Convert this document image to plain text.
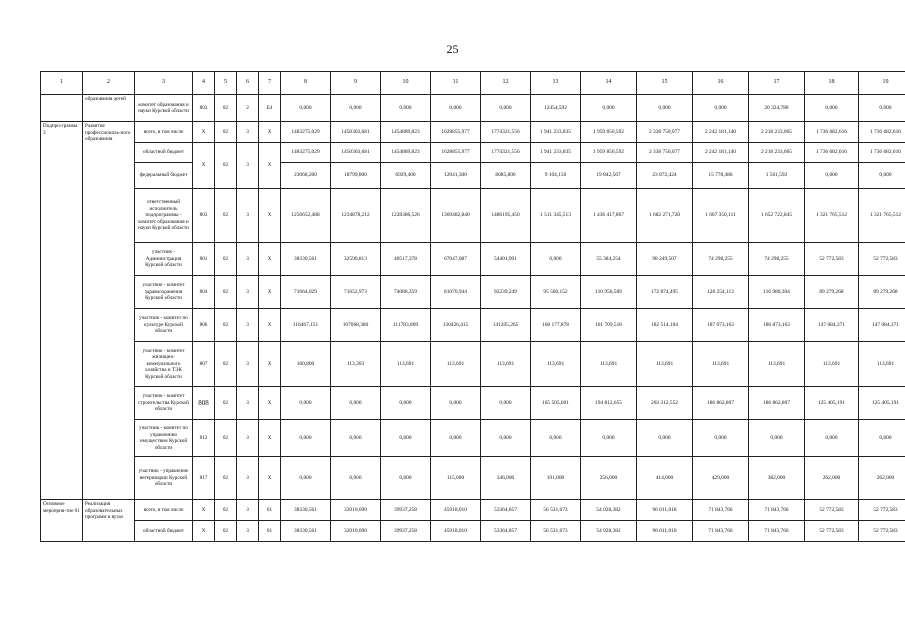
25
1	2	3	4	5	6	7	8	9	10	11	12	13	14	15	16	17	18	19
	образования детей	комитет образования и науки Курской области	803	02	2	Е4	0,000	0,000	0,000	0,000	0,000	12454,592	0,000	0,000	0,000	20 324,788	0,000	0,000
Подпро-грамма 3	Развитие профессиональ-ного образования	всего, в том числе	Х	02	3	Х	1483275,029	1450303,681	1454889,823	1628855,977	1774321,556	1 941 233,835	1 959 850,592	2 338 750,077	2 242 181,140	2 218 233,065	1 736 682,616	1 736 682,616
		областной бюджет	Х	02	3	Х	1483275,029	1450303,681	1454889,823	1628855,977	1774321,556	1 941 233,835	1 959 850,592	2 338 750,077	2 242 181,140	2 218 233,065	1 736 682,616	1 736 682,616
		федеральный бюджет					23068,200	18799,800	6929,400	12041,300	8085,800	9 104,150	19 842,567	23 872,424	15 778,486	1 561,592	0,000	0,000
		ответственный исполнитель подпрограммы - комитет образования и науки Курской области	803	02	3	Х	1256652,488	1234878,212	1228386,526	1369482,840	1486195,450	1 511 345,513	1 436 417,867	1 682 271,728	1 667 350,111	1 652 722,845	1 321 765,512	1 321 765,512
		участник - Администрация Курской области	801	02	3	Х	38330,561	32590,813	40517,378	67047,087	54401,901	0,000	55 384,254	98 249,507	74 298,255	74 298,255	52 772,583	52 772,583
		участник - комитет здравоохранения Курской области	804	02	3	Х	71664,029	71652,973	74088,359	81070,944	92239,249	95 500,152	110 956,589	172 874,495	126 254,113	116 980,304	89 279,268	89 279,268
		участник - комитет по культуре Курской области	806	02	3	Х	116467,151	107068,380	111783,869	130426,415	141205,265	168 177,878	161 709,516	182 514,104	187 073,163	186 873,163	147 084,371	147 084,371
		участник - комитет жилищно-коммунального хозяйства и ТЭК Курской области	807	02	3	Х	160,800	113,303	113,691	113,691	113,691	113,691	113,691	113,691	113,691	113,691	113,691	113,691
		участник - комитет строительства Курской области	808	02	3	Х	0,000	0,000	0,000	0,000	0,000	165 505,601	194 812,655	202 312,552	186 862,807	186 862,807	125 405,191	125 405,191
		участник - комитет по управлению имуществом Курской области	812	02	3	Х	0,000	0,000	0,000	0,000	0,000	0,000	0,000	0,000	0,000	0,000	0,000	0,000
		участник - управление ветеринарии Курской области	817	02	3	Х	0,000	0,000	0,000	115,000	346,000	191,000	256,000	414,000	429,000	382,000	262,000	262,000
Основное мероприя-тие 01	Реализация образовательных программ в вузах	всего, в том числе	Х	02	3	01	38330,561	32010,690	39937,258	45918,010	53364,857	56 531,673	54 028,382	96 011,018	71 843,766	71 843,766	52 772,583	52 772,583
		областной бюджет	Х	02	3	01	38330,561	32010,690	39937,258	45918,010	53364,857	56 531,673	54 028,382	96 011,018	71 843,766	71 843,766	52 772,583	52 772,583
